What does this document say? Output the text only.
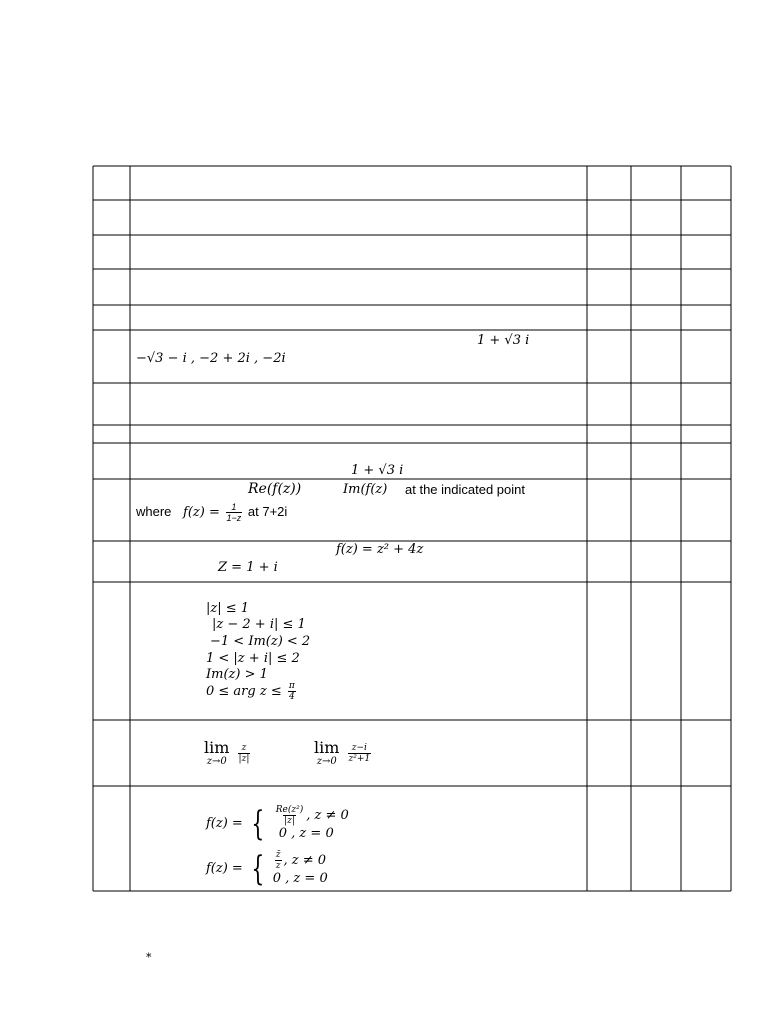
1 + √3 i
−√3 − i , −2 + 2i , −2i
1 + √3 i
Re(f(z))	Im(f(z) at the indicated point
where $f(z) = \frac{1}{1-z}$ at 7+2i
f(z) = z² + 4z
Z = 1 + i
|z| ≤ 1
|z − 2 + i| ≤ 1
−1 < Im(z) < 2
1 < |z + i| ≤ 2
Im(z) > 1
0 ≤ arg $z \le \frac{\pi}{4}$
lim
z→0
$\frac{z}{|z|}$	lim
z→0
$\frac{z-i}{\text{z²+1}}$
f(z) = { $\frac{\text{Re(z²)}}{|z|}$ , z ≠ 0
0 , z = 0
f(z) = { $\frac{z̄}{z}$ , z ≠ 0
0 , z = 0
*
